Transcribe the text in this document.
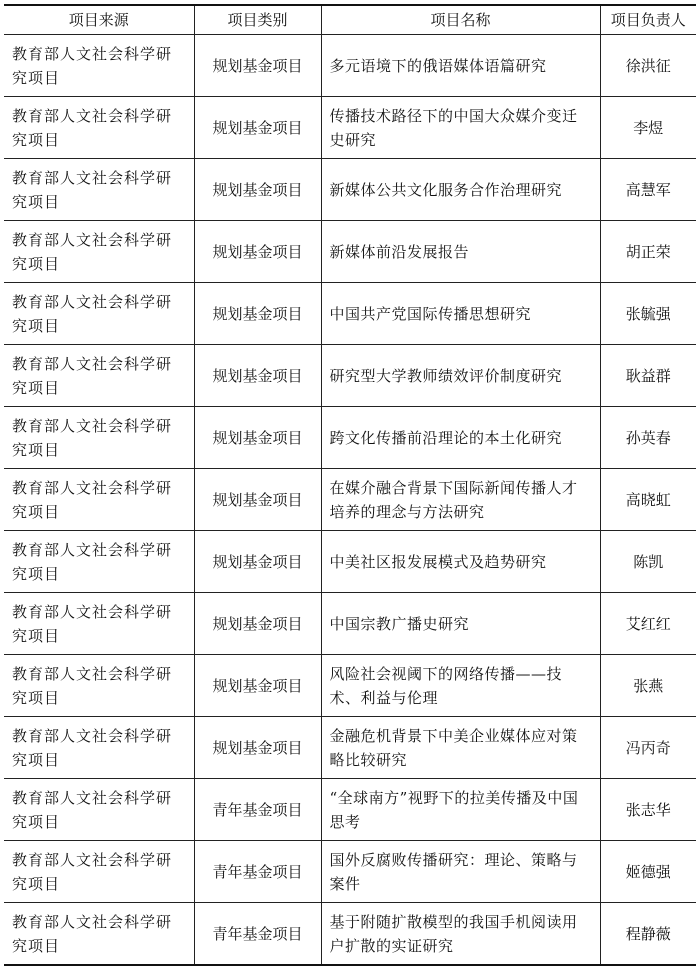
项目来源	项目类别	项目名称	项目负责人
教育部人文社会科学研究项目	规划基金项目	多元语境下的俄语媒体语篇研究	徐洪征
教育部人文社会科学研究项目	规划基金项目	传播技术路径下的中国大众媒介变迁史研究	李煜
教育部人文社会科学研究项目	规划基金项目	新媒体公共文化服务合作治理研究	高慧军
教育部人文社会科学研究项目	规划基金项目	新媒体前沿发展报告	胡正荣
教育部人文社会科学研究项目	规划基金项目	中国共产党国际传播思想研究	张毓强
教育部人文社会科学研究项目	规划基金项目	研究型大学教师绩效评价制度研究	耿益群
教育部人文社会科学研究项目	规划基金项目	跨文化传播前沿理论的本土化研究	孙英春
教育部人文社会科学研究项目	规划基金项目	在媒介融合背景下国际新闻传播人才培养的理念与方法研究	高晓虹
教育部人文社会科学研究项目	规划基金项目	中美社区报发展模式及趋势研究	陈凯
教育部人文社会科学研究项目	规划基金项目	中国宗教广播史研究	艾红红
教育部人文社会科学研究项目	规划基金项目	风险社会视阈下的网络传播——技术、利益与伦理	张燕
教育部人文社会科学研究项目	规划基金项目	金融危机背景下中美企业媒体应对策略比较研究	冯丙奇
教育部人文社会科学研究项目	青年基金项目	“全球南方”视野下的拉美传播及中国思考	张志华
教育部人文社会科学研究项目	青年基金项目	国外反腐败传播研究：理论、策略与案件	姬德强
教育部人文社会科学研究项目	青年基金项目	基于附随扩散模型的我国手机阅读用户扩散的实证研究	程静薇
